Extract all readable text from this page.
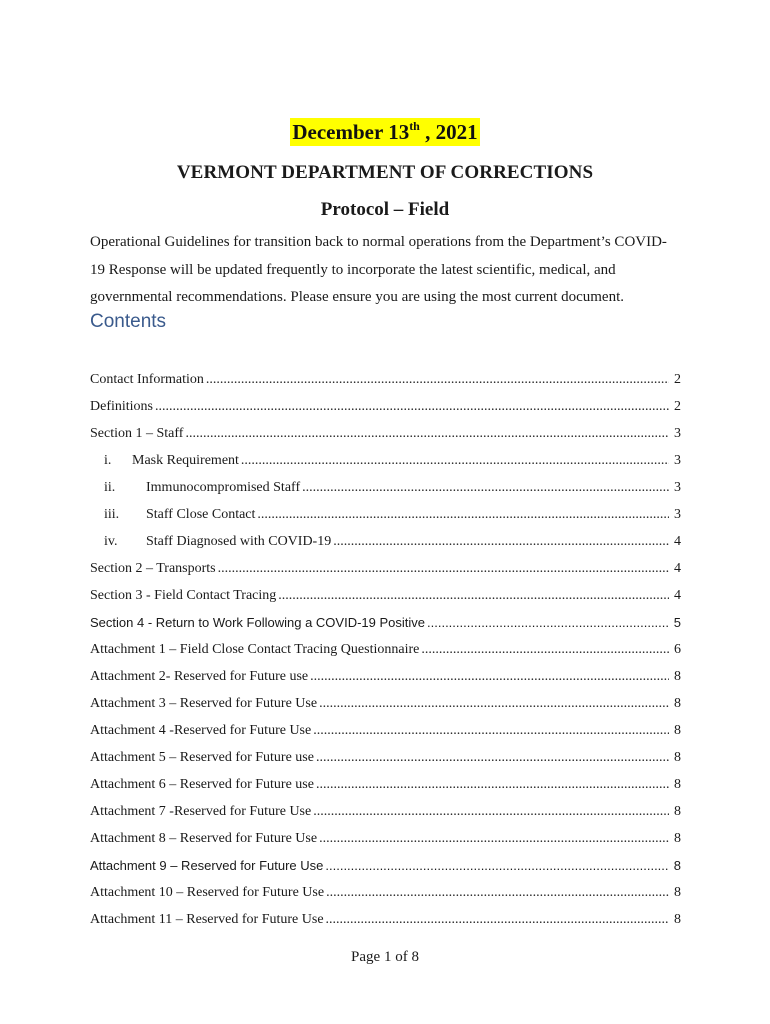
December 13th , 2021
VERMONT DEPARTMENT OF CORRECTIONS
Protocol – Field

Operational Guidelines for transition back to normal operations from the Department’s COVID-19 Response will be updated frequently to incorporate the latest scientific, medical, and governmental recommendations. Please ensure you are using the most current document.

Contents
Contact Information .....	2
Definitions .....	2
Section 1 – Staff .....	3
i.	Mask Requirement .....	3
ii.	Immunocompromised Staff .....	3
iii.	Staff Close Contact .....	3
iv.	Staff Diagnosed with COVID-19 .....	4
Section 2 – Transports .....	4
Section 3 - Field Contact Tracing .....	4
Section 4 - Return to Work Following a COVID-19 Positive .....	5
Attachment 1 – Field Close Contact Tracing Questionnaire .....	6
Attachment 2- Reserved for Future use .....	8
Attachment 3 – Reserved for Future Use .....	8
Attachment 4 -Reserved for Future Use .....	8
Attachment 5 – Reserved for Future use .....	8
Attachment 6 – Reserved for Future use .....	8
Attachment 7 -Reserved for Future Use .....	8
Attachment 8 – Reserved for Future Use .....	8
Attachment 9 – Reserved for Future Use .....	8
Attachment 10 – Reserved for Future Use .....	8
Attachment 11 – Reserved for Future Use .....	8
Page 1 of 8
